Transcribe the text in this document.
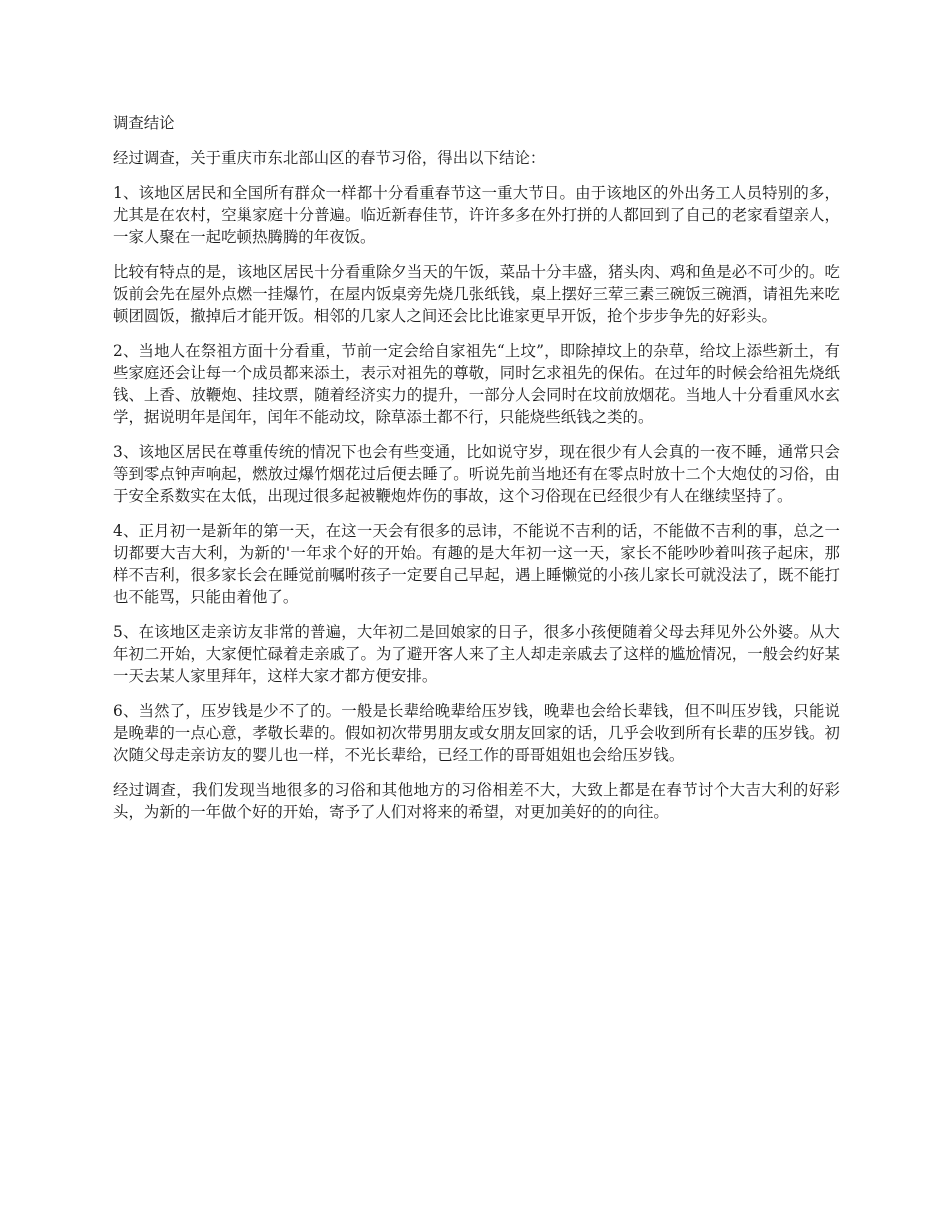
调查结论

经过调查，关于重庆市东北部山区的春节习俗，得出以下结论：

1、该地区居民和全国所有群众一样都十分看重春节这一重大节日。由于该地区的外出务工人员特别的多，尤其是在农村，空巢家庭十分普遍。临近新春佳节，许许多多在外打拼的人都回到了自己的老家看望亲人，一家人聚在一起吃顿热腾腾的年夜饭。

比较有特点的是，该地区居民十分看重除夕当天的午饭，菜品十分丰盛，猪头肉、鸡和鱼是必不可少的。吃饭前会先在屋外点燃一挂爆竹，在屋内饭桌旁先烧几张纸钱，桌上摆好三荤三素三碗饭三碗酒，请祖先来吃顿团圆饭，撤掉后才能开饭。相邻的几家人之间还会比比谁家更早开饭，抢个步步争先的好彩头。

2、当地人在祭祖方面十分看重，节前一定会给自家祖先“上坟”，即除掉坟上的杂草，给坟上添些新土，有些家庭还会让每一个成员都来添土，表示对祖先的尊敬，同时乞求祖先的保佑。在过年的时候会给祖先烧纸钱、上香、放鞭炮、挂坟票，随着经济实力的提升，一部分人会同时在坟前放烟花。当地人十分看重风水玄学，据说明年是闰年，闰年不能动坟，除草添土都不行，只能烧些纸钱之类的。

3、该地区居民在尊重传统的情况下也会有些变通，比如说守岁，现在很少有人会真的一夜不睡，通常只会等到零点钟声响起，燃放过爆竹烟花过后便去睡了。听说先前当地还有在零点时放十二个大炮仗的习俗，由于安全系数实在太低，出现过很多起被鞭炮炸伤的事故，这个习俗现在已经很少有人在继续坚持了。

4、正月初一是新年的第一天，在这一天会有很多的忌讳，不能说不吉利的话，不能做不吉利的事，总之一切都要大吉大利，为新的'一年求个好的开始。有趣的是大年初一这一天，家长不能吵吵着叫孩子起床，那样不吉利，很多家长会在睡觉前嘱咐孩子一定要自己早起，遇上睡懒觉的小孩儿家长可就没法了，既不能打也不能骂，只能由着他了。

5、在该地区走亲访友非常的普遍，大年初二是回娘家的日子，很多小孩便随着父母去拜见外公外婆。从大年初二开始，大家便忙碌着走亲戚了。为了避开客人来了主人却走亲戚去了这样的尴尬情况，一般会约好某一天去某人家里拜年，这样大家才都方便安排。

6、当然了，压岁钱是少不了的。一般是长辈给晚辈给压岁钱，晚辈也会给长辈钱，但不叫压岁钱，只能说是晚辈的一点心意，孝敬长辈的。假如初次带男朋友或女朋友回家的话，几乎会收到所有长辈的压岁钱。初次随父母走亲访友的婴儿也一样，不光长辈给，已经工作的哥哥姐姐也会给压岁钱。

经过调查，我们发现当地很多的习俗和其他地方的习俗相差不大，大致上都是在春节讨个大吉大利的好彩头，为新的一年做个好的开始，寄予了人们对将来的希望，对更加美好的的向往。
